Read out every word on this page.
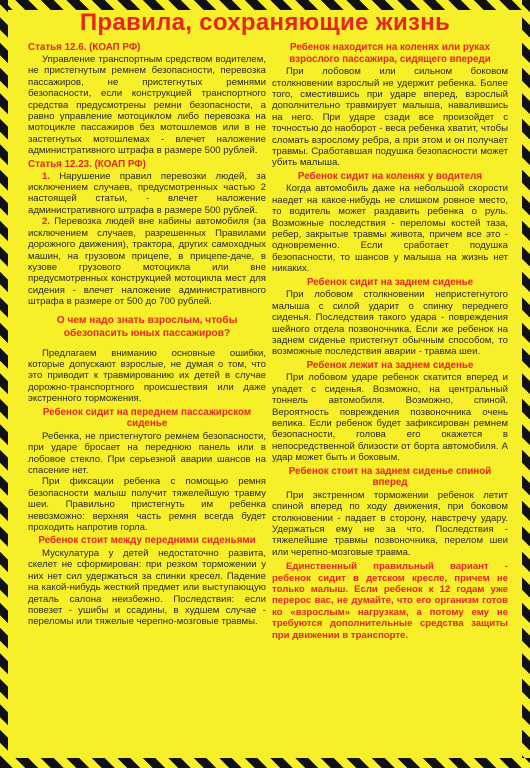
Правила, сохраняющие жизнь
Статья 12.6. (КОАП РФ)

Управление транспортным средством водителем, не пристегнутым ремнем безопасности, перевозка пассажиров, не пристегнутых ремнями безопасности, если конструкцией транспортного средства предусмотрены ремни безопасности, а равно управление мотоциклом либо перевозка на мотоцикле пассажиров без мотошлемов или в не застегнутых мотошлемах - влечет наложение административного штрафа в размере 500 рублей.

Статья 12.23. (КОАП РФ)

1. Нарушение правил перевозки людей, за исключением случаев, предусмотренных частью 2 настоящей статьи, - влечет наложение административного штрафа в размере 500 рублей.

2. Перевозка людей вне кабины автомобиля (за исключением случаев, разрешенных Правилами дорожного движения), трактора, других самоходных машин, на грузовом прицепе, в прицепе-даче, в кузове грузового мотоцикла или вне предусмотренных конструкцией мотоцикла мест для сидения - влечет наложение административного штрафа в размере от 500 до 700 рублей.

О чем надо знать взрослым, чтобы обезопасить юных пассажиров?

Предлагаем вниманию основные ошибки, которые допускают взрослые, не думая о том, что это приводит к травмированию их детей в случае дорожно-транспортного происшествия или даже экстренного торможения.

Ребенок сидит на переднем пассажирском сиденье

Ребенка, не пристегнутого ремнем безопасности, при ударе бросает на переднюю панель или в лобовое стекло. При серьезной аварии шансов на спасение нет.

При фиксации ребенка с помощью ремня безопасности малыш получит тяжелейшую травму шеи. Правильно пристегнуть им ребенка невозможно: верхняя часть ремня всегда будет проходить напротив горла.

Ребенок стоит между передними сиденьями

Мускулатура у детей недостаточно развита, скелет не сформирован: при резком торможении у них нет сил удержаться за спинки кресел. Падение на какой-нибудь жесткий предмет или выступающую деталь салона неизбежно. Последствия: если повезет - ушибы и ссадины, в худшем случае - переломы или тяжелые черепно-мозговые травмы.

Ребенок находится на коленях или руках взрослого пассажира, сидящего впереди

При лобовом или сильном боковом столкновении взрослый не удержит ребенка. Более того, сместившись при ударе вперед, взрослый дополнительно травмирует малыша, навалившись на него. При ударе сзади все произойдет с точностью до наоборот - веса ребенка хватит, чтобы сломать взрослому ребра, а при этом и он получает травмы. Сработавшая подушка безопасности может убить малыша.

Ребенок сидит на коленях у водителя

Когда автомобиль даже на небольшой скорости наедет на какое-нибудь не слишком ровное место, то водитель может раздавить ребенка о руль. Возможные последствия - переломы костей таза, ребер, закрытые травмы живота, причем все это - одновременно. Если сработает подушка безопасности, то шансов у малыша на жизнь нет никаких.

Ребенок сидит на заднем сиденье

При лобовом столкновении непристегнутого малыша с силой ударит о спинку переднего сиденья. Последствия такого удара - повреждения шейного отдела позвоночника. Если же ребенок на заднем сиденье пристегнут обычным способом, то возможные последствия аварии - травма шеи.

Ребенок лежит на заднем сиденье

При лобовом ударе ребенок скатится вперед и упадет с сиденья. Возможно, на центральный тоннель автомобиля. Возможно, спиной. Вероятность повреждения позвоночника очень велика. Если ребенок будет зафиксирован ремнем безопасности, голова его окажется в непосредственной близости от борта автомобиля. А удар может быть и боковым.

Ребенок стоит на заднем сиденье спиной вперед

При экстренном торможении ребенок летит спиной вперед по ходу движения, при боковом столкновении - падает в сторону, навстречу удару. Удержаться ему не за что. Последствия - тяжелейшие травмы позвоночника, перелом шеи или черепно-мозговые травма.

Единственный правильный вариант - ребенок сидит в детском кресле, причем не только малыш. Если ребенок к 12 годам уже перерос вас, не думайте, что его организм готов ко «взрослым» нагрузкам, а потому ему не требуются дополнительные средства защиты при движении в транспорте.
